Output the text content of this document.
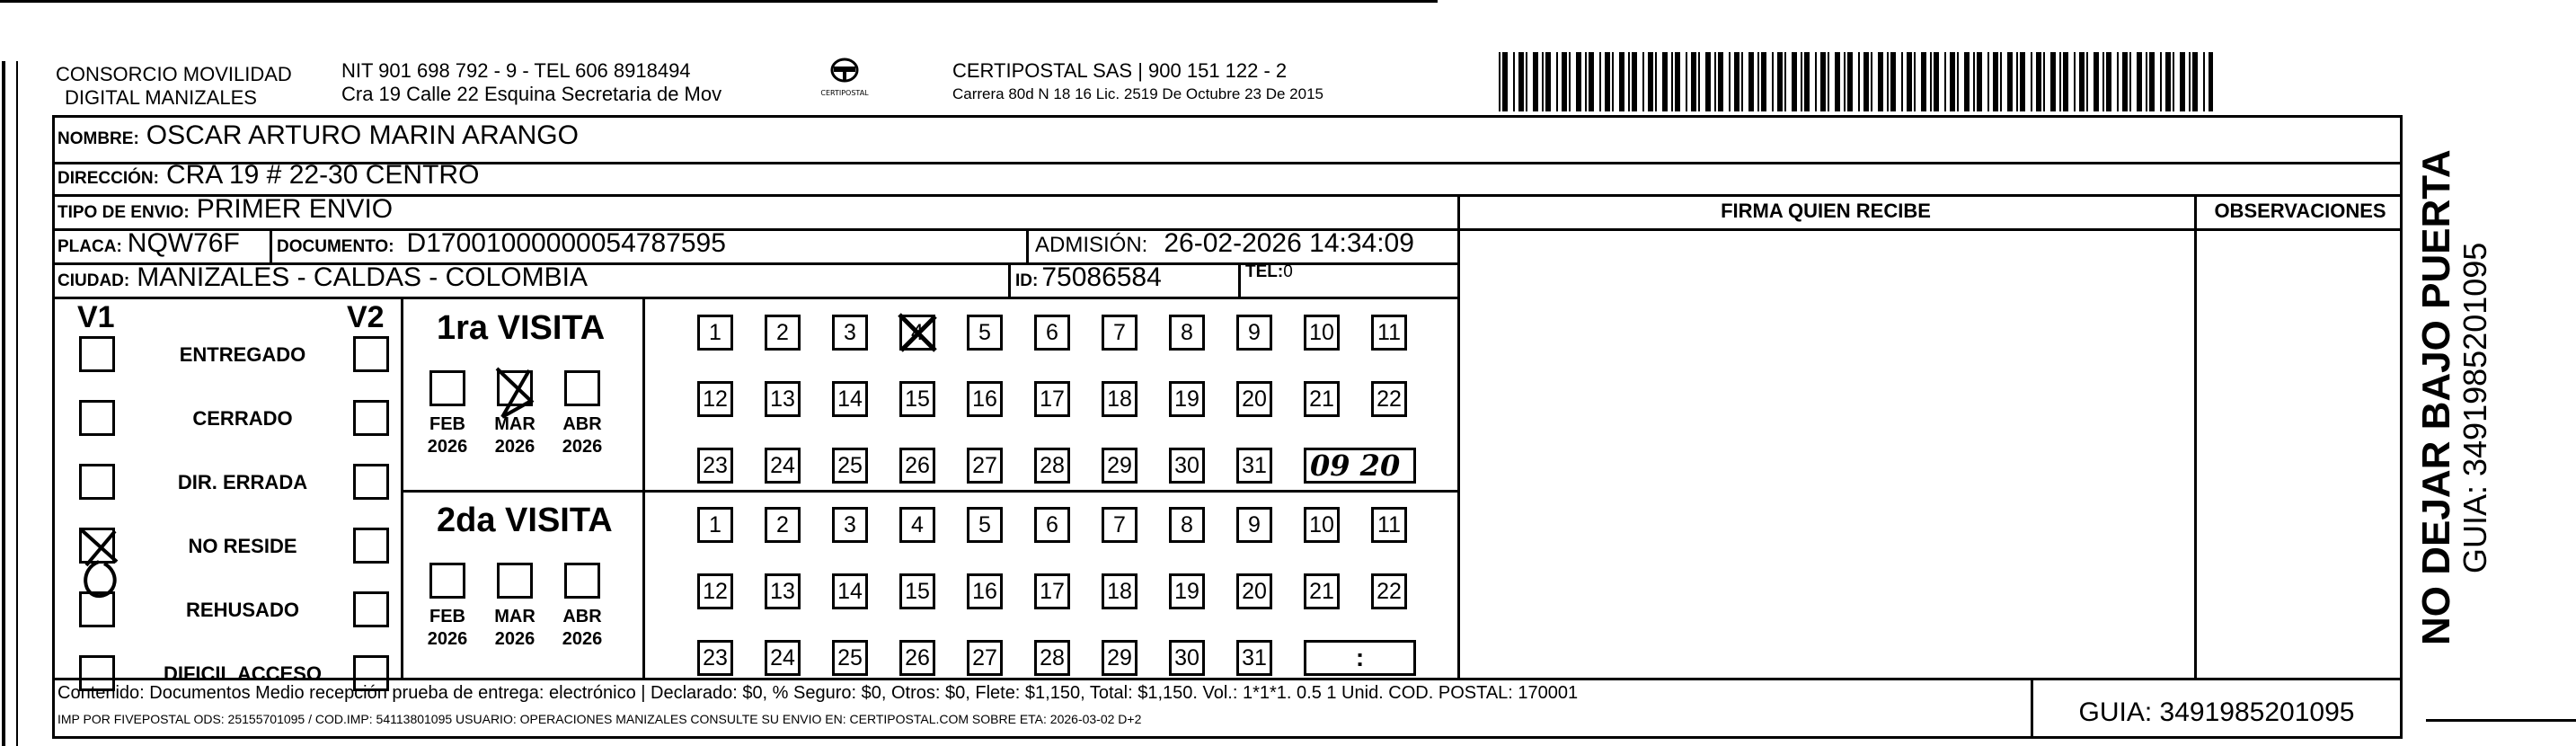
CONSORCIO MOVILIDAD
DIGITAL MANIZALES
NIT 901 698 792 - 9 - TEL 606 8918494
Cra 19 Calle 22 Esquina Secretaria de Mov	CERTIPOSTAL
CERTIPOSTAL SAS | 900 151 122 - 2
Carrera 80d N 18 16 Lic. 2519 De Octubre 23 De 2015
NOMBRE: OSCAR ARTURO MARIN ARANGO
DIRECCIÓN: CRA 19 # 22-30 CENTRO
TIPO DE ENVIO: PRIMER ENVIO	FIRMA QUIEN RECIBE	OBSERVACIONES
PLACA: NQW76F DOCUMENTO: D17001000000054787595	ADMISIÓN: 26-02-2026 14:34:09
CIUDAD: MANIZALES - CALDAS - COLOMBIA	ID: 75086584	TEL: 0
V1	V2
ENTREGADO
CERRADO
DIR. ERRADA
NO RESIDE
REHUSADO
DIFICIL ACCESO
1ra VISITA
FEB
2026
MAR
2026
ABR
2026
1	2	3	4	5	6	7	8	9	10 11
12 13 14 15 16 17 18 19 20 21 22
23 24 25 26 27 28 29 30 31 09 20
2da VISITA
FEB
2026
MAR
2026
ABR
2026
1	2	3	4	5	6	7	8	9	10 11
12 13 14 15 16 17 18 19 20 21 22
23 24 25 26 27 28 29 30 31	:
Contenido: Documentos Medio recepción prueba de entrega: electrónico | Declarado: $0, % Seguro: $0, Otros: $0, Flete: $1,150, Total: $1,150. Vol.: 1*1*1. 0.5 1 Unid. COD. POSTAL: 170001
IMP POR FIVEPOSTAL ODS: 25155701095 / COD.IMP: 54113801095 USUARIO: OPERACIONES MANIZALES CONSULTE SU ENVIO EN: CERTIPOSTAL.COM SOBRE ETA: 2026-03-02 D+2	GUIA: 3491985201095
NO DEJAR BAJO PUERTA
GUIA: 3491985201095
